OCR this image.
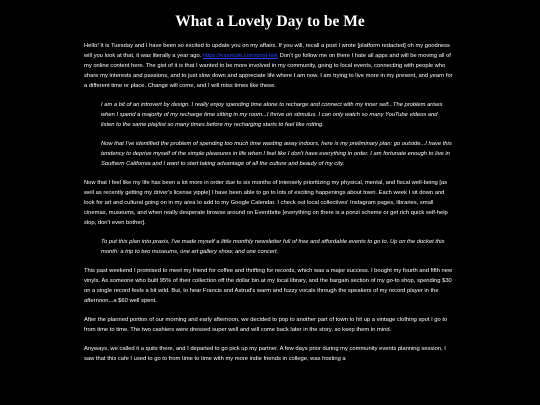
What a Lovely Day to be Me

Hello! It is Tuesday and I have been so excited to update you on my affairs. If you will, recall a post I wrote [platform redacted] oh my goodness will you look at that, it was literally a year ago. https://example.com/post-link Don't go follow me on there I hate all apps and will be moving all of my online content here. The gist of it is that I wanted to be more involved in my community, going to local events, connecting with people who share my interests and passions, and to just slow down and appreciate life where I am now. I am trying to live more in my present, and yearn for a different time or place. Change will come, and I will miss times like these.

I am a bit of an introvert by design. I really enjoy spending time alone to recharge and connect with my inner self...The problem arises when I spend a majority of my recharge time sitting in my room...I thrive on stimulus. I can only watch so many YouTube videos and listen to the same playlist so many times before my recharging starts to feel like rotting.

Now that I've identified the problem of spending too much time wasting away indoors, here is my preliminary plan: go outside...I have this tendency to deprive myself of the simple pleasures in life when I feel like I don't have everything in order. I am fortunate enough to live in Southern California and I want to start taking advantage of all the culture and beauty of my city.

Now that I feel like my life has been a lot more in order due to six months of intensely prioritizing my physical, mental, and fiscal well-being [as well as recently getting my driver's license yipple] I have been able to go to lots of exciting happenings about town. Each week I sit down and look for art and cultural going on in my area to add to my Google Calendar. I check out local collectives' Instagram pages, libraries, small cinemas, museums, and when really desperate browse around on Eventbrite [everything on there is a ponzi scheme or get rich quick self-help slop, don't even bother].

To put this plan into praxis, I've made myself a little monthly newsletter full of free and affordable events to go to. Up on the docket this month: a trip to two museums, one art gallery show, and one concert.

This past weekend I promised to meet my friend for coffee and thrifting for records, which was a major success. I bought my fourth and fifth new vinyls. As someone who built 95% of their collection off the dollar bin at my local library, and the bargain section of my go-to shop, spending $30 on a single record feels a bit wild. But, to hear Francis and Astrud's warm and fuzzy vocals through the speakers of my record player in the afternoon...a $60 well spent.

After the planned portion of our morning and early afternoon, we decided to pop to another part of town to hit up a vintage clothing spot I go to from time to time. The two cashiers were dressed super well and will come back later in the story, so keep them in mind.

Anyways, we called it a quits there, and I departed to go pick up my partner. A few days prior during my community events planning session, I saw that this cafe I used to go to from time to time with my more indie friends in college, was hosting a
